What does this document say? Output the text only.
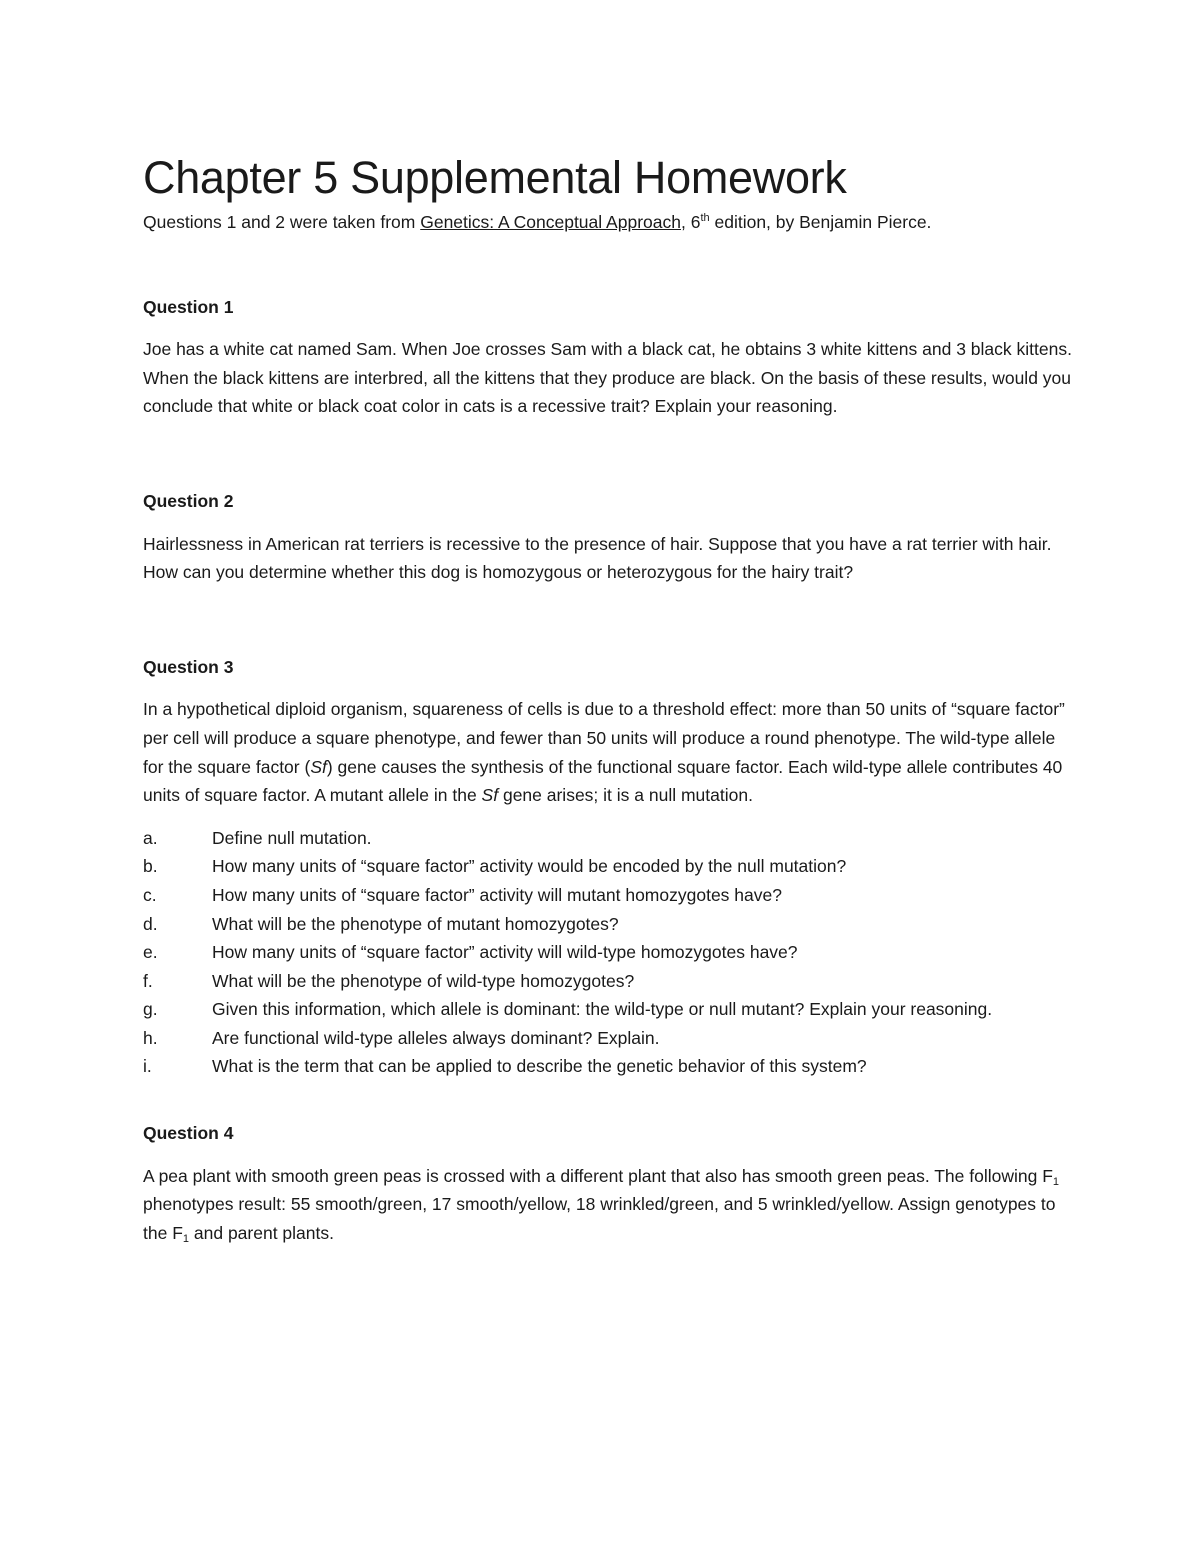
Chapter 5 Supplemental Homework

Questions 1 and 2 were taken from Genetics: A Conceptual Approach, 6th edition, by Benjamin Pierce.

Question 1

Joe has a white cat named Sam. When Joe crosses Sam with a black cat, he obtains 3 white kittens and 3 black kittens. When the black kittens are interbred, all the kittens that they produce are black. On the basis of these results, would you conclude that white or black coat color in cats is a recessive trait? Explain your reasoning.

Question 2

Hairlessness in American rat terriers is recessive to the presence of hair. Suppose that you have a rat terrier with hair. How can you determine whether this dog is homozygous or heterozygous for the hairy trait?

Question 3

In a hypothetical diploid organism, squareness of cells is due to a threshold effect: more than 50 units of “square factor” per cell will produce a square phenotype, and fewer than 50 units will produce a round phenotype. The wild-type allele for the square factor (Sf) gene causes the synthesis of the functional square factor. Each wild-type allele contributes 40 units of square factor. A mutant allele in the Sf gene arises; it is a null mutation.

a.	Define null mutation.
b.	How many units of “square factor” activity would be encoded by the null mutation?
c.	How many units of “square factor” activity will mutant homozygotes have?
d.	What will be the phenotype of mutant homozygotes?
e.	How many units of “square factor” activity will wild-type homozygotes have?
f.	What will be the phenotype of wild-type homozygotes?
g.	Given this information, which allele is dominant: the wild-type or null mutant? Explain your reasoning.
h.	Are functional wild-type alleles always dominant? Explain.
i.	What is the term that can be applied to describe the genetic behavior of this system?

Question 4

A pea plant with smooth green peas is crossed with a different plant that also has smooth green peas. The following $F_1$ phenotypes result: 55 smooth/green, 17 smooth/yellow, 18 wrinkled/green, and 5 wrinkled/yellow. Assign genotypes to the $F_1$ and parent plants.
